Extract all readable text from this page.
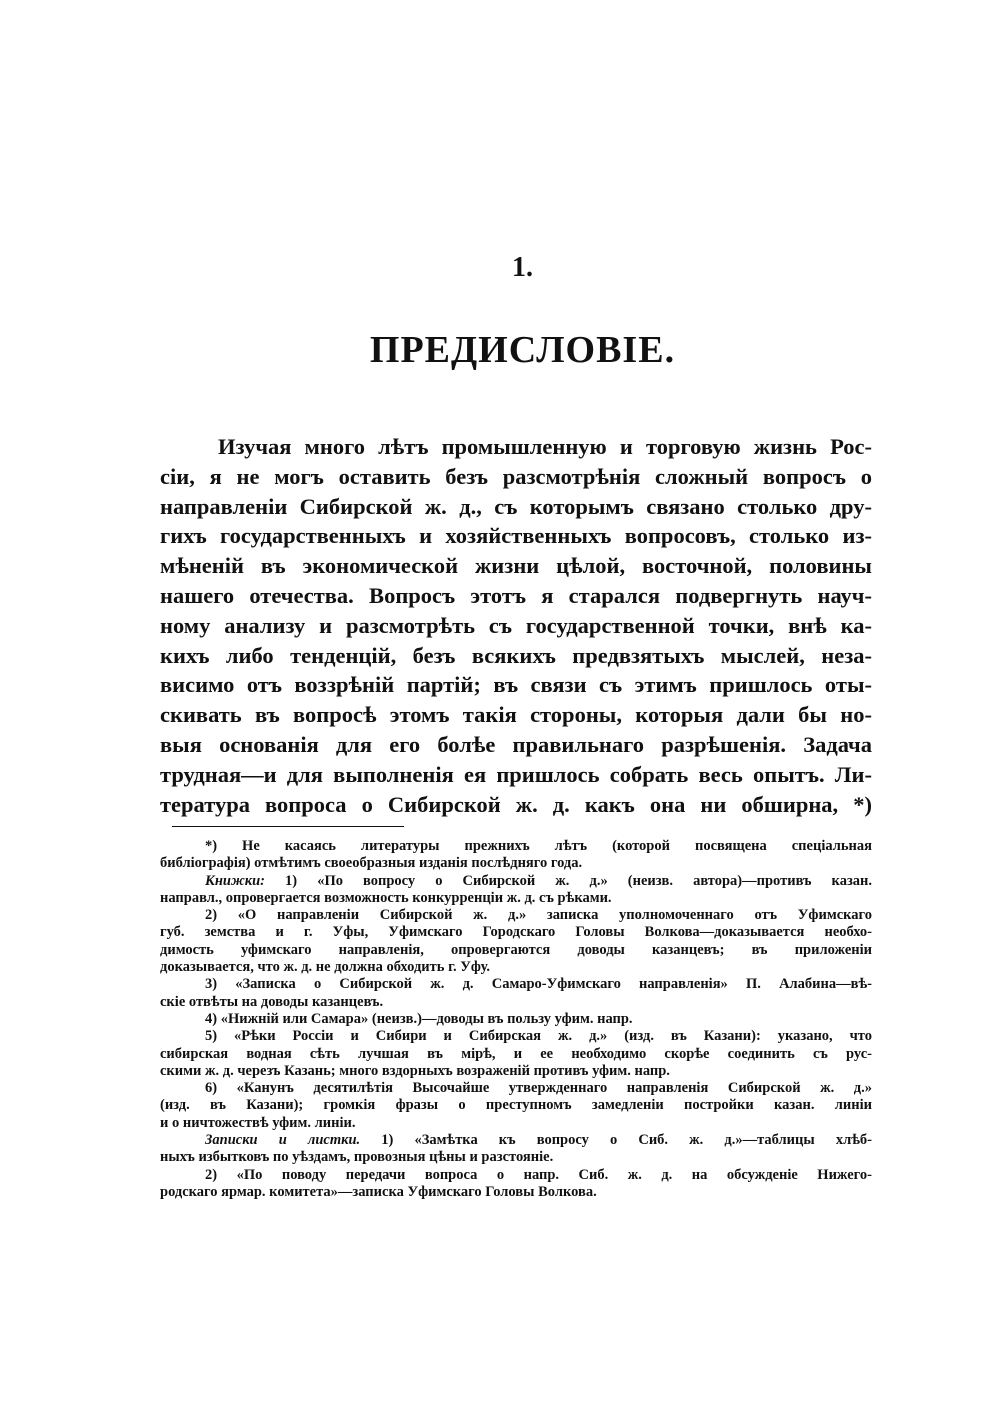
1.
ПРЕДИСЛОВІЕ.
Изучая много лѣтъ промышленную и торговую жизнь Рос-
сіи, я не могъ оставить безъ разсмотрѣнія сложный вопросъ о
направленіи Сибирской ж. д., съ которымъ связано столько дру-
гихъ государственныхъ и хозяйственныхъ вопросовъ, столько из-
мѣненій въ экономической жизни цѣлой, восточной, половины
нашего отечества. Вопросъ этотъ я старался подвергнуть науч-
ному анализу и разсмотрѣть съ государственной точки, внѣ ка-
кихъ либо тенденцій, безъ всякихъ предвзятыхъ мыслей, неза-
висимо отъ воззрѣній партій; въ связи съ этимъ пришлось оты-
скивать въ вопросѣ этомъ такія стороны, которыя дали бы но-
выя основанія для его болѣе правильнаго разрѣшенія. Задача
трудная—и для выполненія ея пришлось собрать весь опытъ. Ли-
тература вопроса о Сибирской ж. д. какъ она ни обширна, *)
*) Не касаясь литературы прежнихъ лѣтъ (которой посвящена спеціальная
библіографія) отмѣтимъ своеобразныя изданія послѣдняго года.
Книжки: 1) «По вопросу о Сибирской ж. д.» (неизв. автора)—противъ казан.
направл., опровергается возможность конкурренціи ж. д. съ рѣками.
2) «О направленіи Сибирской ж. д.» записка уполномоченнаго отъ Уфимскаго
губ. земства и г. Уфы, Уфимскаго Городскаго Головы Волкова—доказывается необхо-
димость уфимскаго направленія, опровергаются доводы казанцевъ; въ приложеніи
доказывается, что ж. д. не должна обходить г. Уфу.
3) «Записка о Сибирской ж. д. Самаро-Уфимскаго направленія» П. Алабина—вѣ-
скіе отвѣты на доводы казанцевъ.
4) «Нижній или Самара» (неизв.)—доводы въ пользу уфим. напр.
5) «Рѣки Россіи и Сибири и Сибирская ж. д.» (изд. въ Казани): указано, что
сибирская водная сѣть лучшая въ мірѣ, и ее необходимо скорѣе соединить съ рус-
скими ж. д. черезъ Казань; много вздорныхъ возраженій противъ уфим. напр.
6) «Канунъ десятилѣтія Высочайше утвержденнаго направленія Сибирской ж. д.»
(изд. въ Казани); громкія фразы о преступномъ замедленіи постройки казан. линіи
и о ничтожествѣ уфим. линіи.
Записки и листки. 1) «Замѣтка къ вопросу о Сиб. ж. д.»—таблицы хлѣб-
ныхъ избытковъ по уѣздамъ, провозныя цѣны и разстояніе.
2) «По поводу передачи вопроса о напр. Сиб. ж. д. на обсужденіе Нижего-
родскаго ярмар. комитета»—записка Уфимскаго Головы Волкова.
